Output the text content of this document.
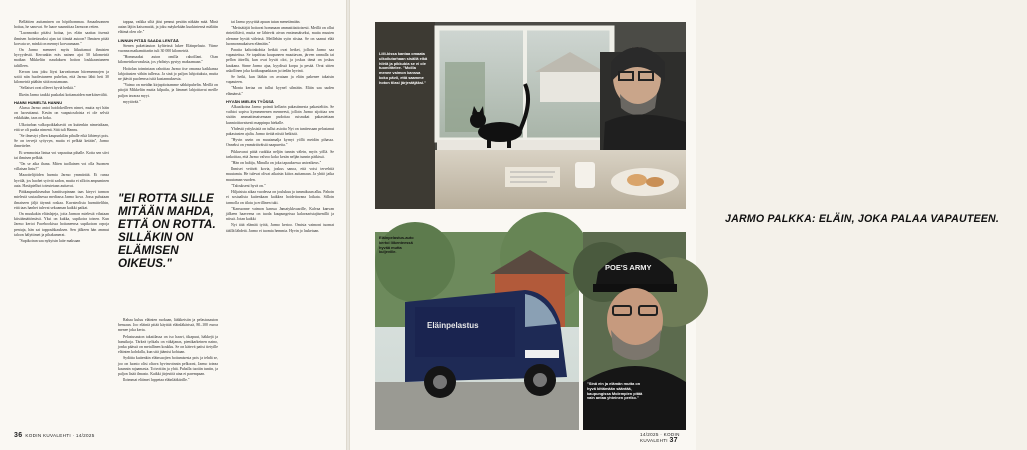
Bellättien auttaminen on höpöhommaa. Amaahsonnen hoitaa, he sanovat. Se laaoe suunnittaa Jarmoon retien.

"Luonnonko pitäisi hoitaa, jos eläin saattaa itsensä ihmisen hoitettavaksi ajan tai tiimää autoon? Ihmisen pitää korvata se, minkä on mennyt korvaamaan."

On Jarmo menneet myös liikuttamat ihmisten hyvyydestä. Kerrankin eräs nainen ajoi 50 kilometriä matkan Mikkeliin naudaksen hoiton loukkaantuneen taltilleen.

Kerran taas joku löysi karvattoman hiiremennojen ja sotiti niin huolestuneen puhelun, että Jarmo lähti heti 30 kilometriä päähän siitä noutamaan.

"Sellaiset ovat olleeet hyviä hetkiä."

Ilkeän Jarmo taukki puskaksi kotiamaiden merkitsevältä.

HANNI HUMELTA HANNU

Alussa Jarmo antoi hoidokeilleen nimet, mutta nyt häin on luovuttanut. Kesän on vaaputosdoista ei ole selviä erkkikään, taas on koka.

Ulkotarhan valkopoikkahaviti on kuitenkin nimetaltaan, että se oli puaka nimenä. Sitä tuli Hannu.

"Se ilmestyi ylhen kaupunkilän pihalle eikä lähtenyt pois. Se on tervejä syöyvyn, mutta ei pelkää ketään", Jarmo ihmettelee.

Ei semmoista lintua voi vapauttaa pihalle. Kotta sen siivi tai ihmisen pelkää.

"On se aika ihana. Miten tuollainen voi olla Suomen villaisan lintu?"

Maaottelijöiden harmia Jarmo ymmärtää. Ei runsa hyvälä, jos haohet syövät sadon, mutta ei silloin ampuminen auta. Hasitptelhot toteutetaan auttavat.

Pääkaupunkiseudun hanitisopinnan taas kieyvi tarmon mielestä sosiaalisessa mediassa Jarmo kova. Jossa puhutaan ilmaiseen jäljä täynnä roskaa. Kuvateolista harmittelihin, että taas hanhet tulevat sekoaman kaikki paikat.

On muukakin eläinlajeja, joita Jarmon mielestä vihataan kiisttämättömästi. Yksi on kukka, supikoira toinen. Kun Jarmo kertoi Facebookissa hoitaneensa supikoiran orpoja pentuja, hän sai tappouhkauksen. Sen jälkeen hän ammut taloon hälyttimet ja pihakamerat.

"Supikoiran saa nykyisin laite maksaan

tappaa, vaikka siltä jäisi pennut pesään näkään mää. Minä autan läjiin kaisomattä, ja joku mäykekään kuokintensä mäläiin eläimä olen ole."

LINNUN PITÄÄ SAADA LENTÄÄ

Stenen pakettiauton kyltteissä lukee Eläinpelasto. Viime vuonna matkamittariin tuli 30 000 kilometriä.

"Hommaaksi auton omilla rahoillani. Otan kilometrikorvauksia, jos yhdistys pystyy maksamaan."

Hoitolan toimintaan rahoittaa Jarmo itse omansa kaikkansa lahjoitusten vähän tullessa. Ja sinä jo paljon lahjoituksia, mutta ne jäävät puoleensa isitä kustannuksesta.

"Vaimo on meidän kirjapitoisamme sähköpuhelin. Meillä on pitojät Mikkeliin mutta kilpailu, ja lämmet lahjoittavat meille paljon tavaraa myyt.

myytävää."

"EI ROTTA SILLE MITÄÄN MAHDA, ETTÄ ON ROTTA. SILLÄKIN ON ELÄMISEN OIKEUS."

Rahaa kuluu eläinten ruokaan, lääkkeisiin ja pelastusauton bensaan. Joo eläintä pitää käyttää eläinläkärissä, 80–100 euroa menee joka kerta.

Pelastusauton takatilassa on iso haavi, tikapuut, häkkejä ja hansikoja. Tärkeä työkalu on väkäjanas, pienikarkeinen naino, jonka päässä on metallinen koukku. Se on kätevä paitsi tietyille eläinten kohdalla, kun sitä jäämisi kohtaan.

Sydätta kuitenkin eläinsuojien hoitamisesta pois ja tehdä se, joo on luonto olisi oltava hyvinvoinnin pelkooni, Jarmo toteaa kaunnin rajaamasta. Toivottiin ja yhtä. Puhalla tuotiin tuntin, ja paljon lisää ilmasto. Kaikki järjestöä aina ei parempaan.

Iloimmat eläimet loppetaa eläinlääkärille."

tai Jarmo pysyttää apuun tutun menetämään.

"Mettsätäjät hoitavat hommaan ammattitaitoisesti. Meillä on ollut rinteiöltävä, mutta ne lähtevät aivan ensimmäiseksi, mutta muuten olemme hyvää väleissä. Meillehän syön riistaa. Se on saanut elää luonnonmukaisen elämään."

Paraita kaltoinkohtia hetkiä ovat hetket, jolloin Jarmo saa vapautettua. Se tapahtuu kaupuneen muuttavan, järven rannalla tai pellon äärellä, kun ovat hyvät olot, ja joskus tämä on joskus kaukana. Sinne Jarmo ajaa, kyydissä korpu ja pesää. Ovat sitten uskollinen joka kotikaupunkiaan ja tiedän hyvinä.

Se hetki, kun lääkin on avataan ja eläin pakenee takaisin vapauteen.

"Monta kertaa on tullut kyynel silmään. Eläin saa uuden elämänsä."

HYVÄN MIELEN TYÖSSÄ

Alkuaikoina Jarmo poimii kellarin pakastimesta pakasteltiin. Se vaihtoi sopiva kymmenenen menneesä, jolloin Jarmo sijoittaa sen sisään ammattimaisemaan pudottaa ruisnukat pakastettaan kunnioittavaisesti mappinpa hiekalle.

Yhdestä yrityksistä on tullut asioita Nyt on tuntiessaan pelastanut pakastusten ajalta. Jarmo tietää niistä hetkistä.

"Hyvin usein on muutamalja kyrnyt yöllä meidän pihassa. Onneksi on ymmärtäväisiä naapureita."

Pikkuvarat pitää ruokkia neljän tunnin välein, myös yöllä. Se tarkoittaa, että Jarmo valvoo koko kesän neljän tunnin pätkissä.

"Hän on haltija, Minulla on joka tapauksessa univaikeus."

Ihmiset vetävät kovia, joskus sanoa, että voisi tervehtiä muutamia. He tulevat olivat aikaisin kiitos auttamaan. Ja yhtiö jatka muutaman vuoden.

"Taloukseni hyvä on."

Hiljaisista aikaa vuodessa on joulukuu ja tammikuun alku. Pahoin ei sosiaalista kuitenkaan kaikkea hoidettavana loikata. Silloin tarmolla on tilatu ja erillinen tuki.

"Kanssonne vaimon kanssa Jamaiykkvaarille, Kalvaa kanvan jälkeen haaveena on tuoda kaupungeissa kalavaaristajäsenillä ja niissä. Jotan kaikki

Nyt tätä elämää työtä, Jarmo kertoo. Omista vaimoni tuomat täällä lähdetä. Jarmo ei tuomia hemmia. Hyvin jo lasketaan.

36 KODIN KUVALEHTI · 14/2025
Liili-kissa kantaa omaata ulkoilutarhaan sisällä eikä hiiriä ja pikkubia se ei ole tuomiittelee. "Moilla menee vaimon kanssa koko pävii, että saamme hoton tilasi järjestäjäksi."
JARMO PALKKA: ELÄIN, JOKA PALAA VAPAUTEEN.
Eläinpelastus
Eläinpelastus-auto kertoi liikenteessä hyvää mutta kuljeville.
POE'S ARMY
"Sinä ein ja elämän mutta on hyvä kittämään sääntää, kaupungissa Molempien pitää vain antaa yhteinen periko."
14/2025 · KODIN KUVALEHTI 37
